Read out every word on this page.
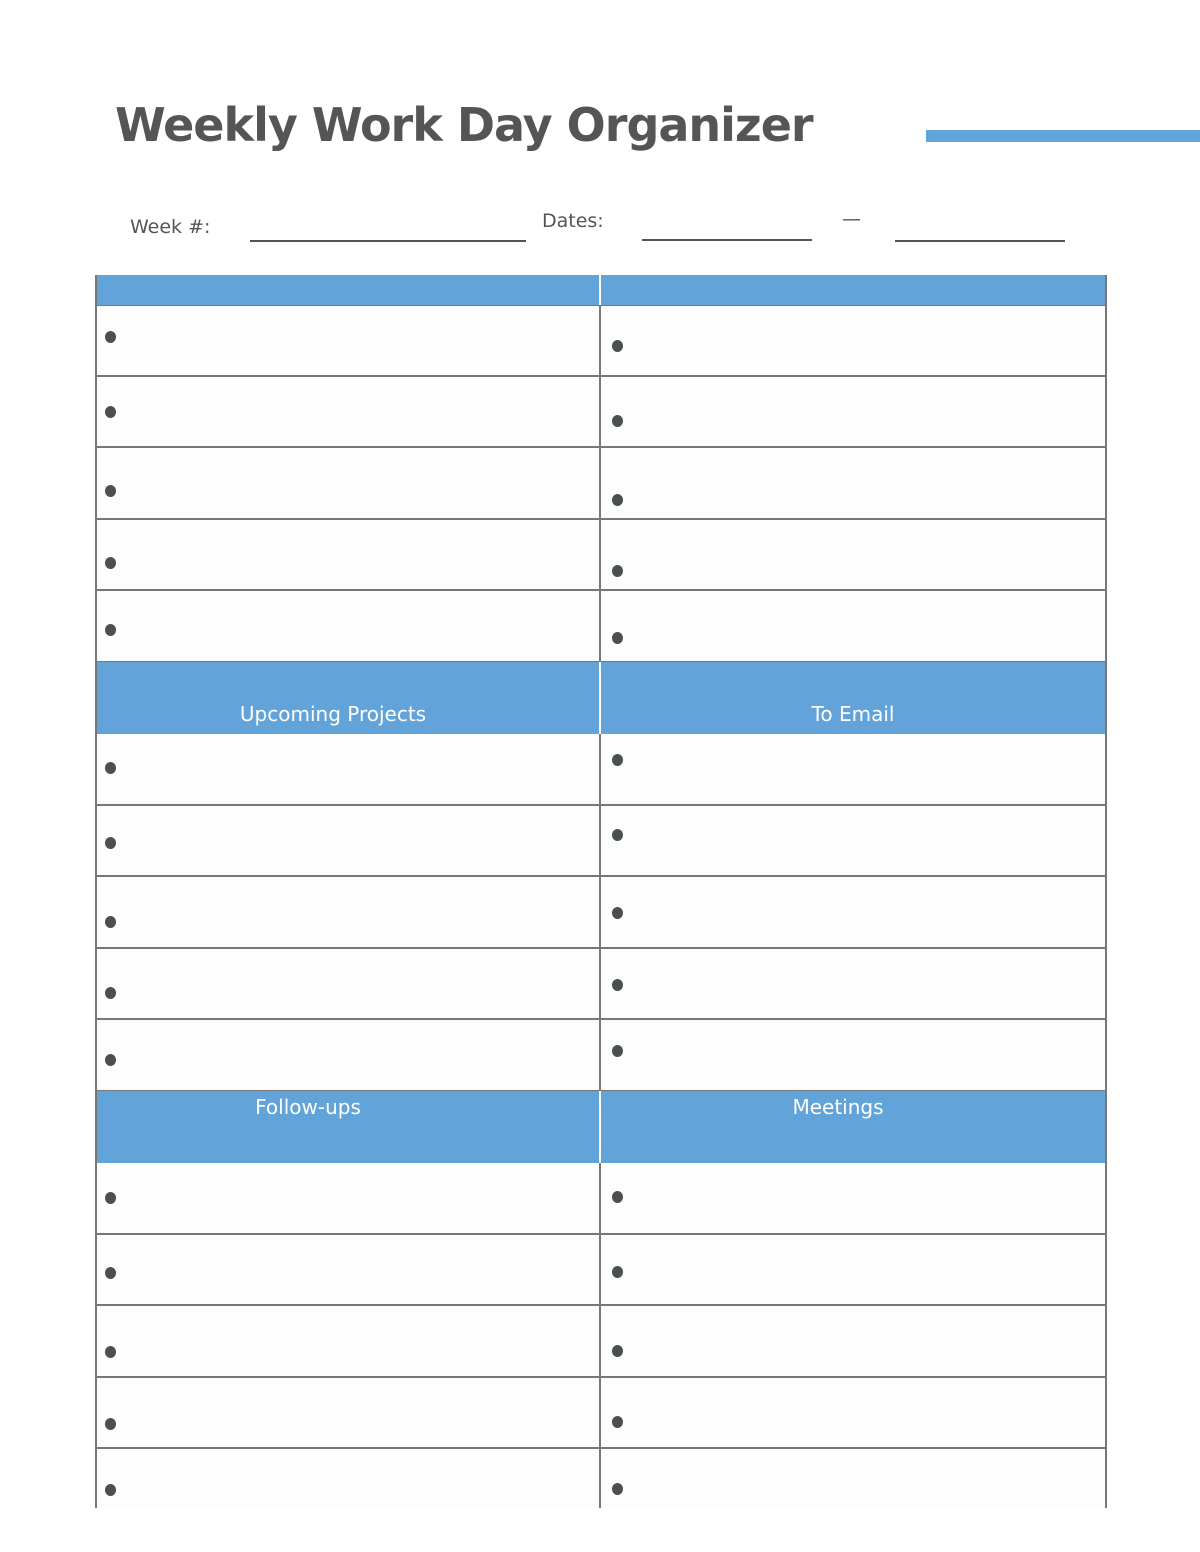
Weekly Work Day Organizer
Week #:	Dates:	—
Upcoming Projects	To Email
Follow-ups	Meetings
